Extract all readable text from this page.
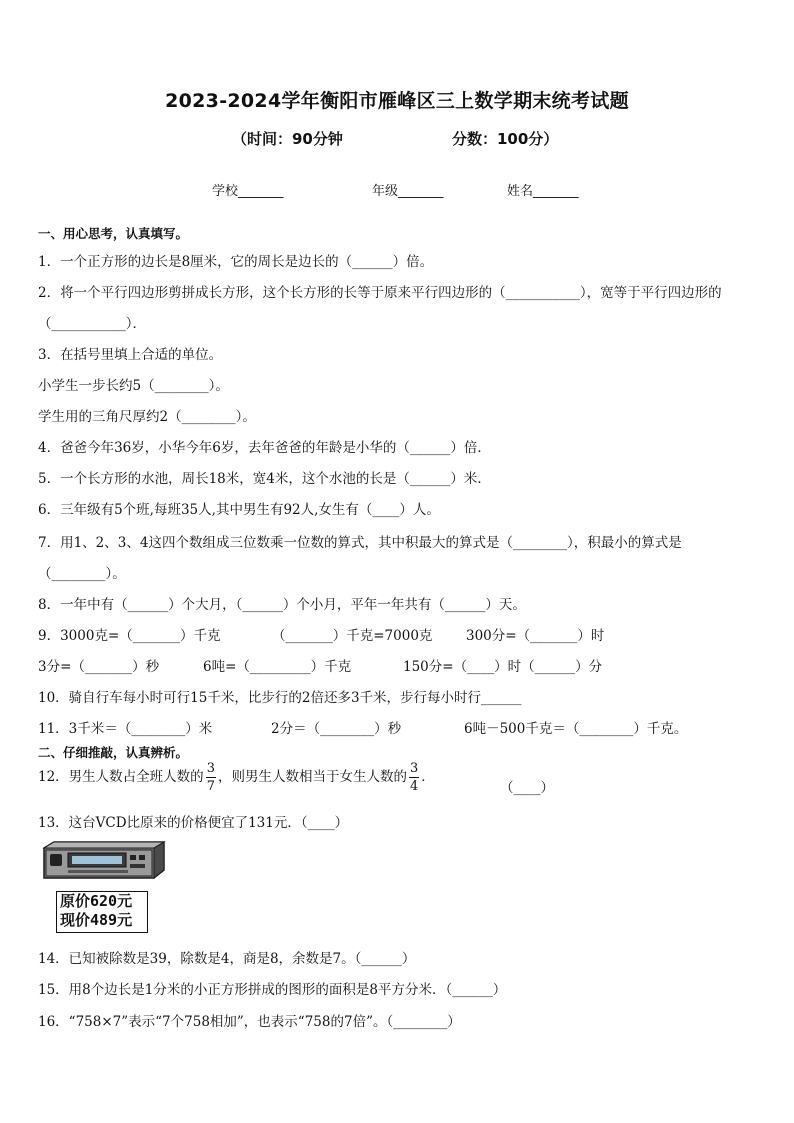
2023-2024学年衡阳市雁峰区三上数学期末统考试题
（时间：90分钟	分数：100分）
学校_______	年级_______	姓名_______
一、用心思考，认真填写。
1．一个正方形的边长是8厘米，它的周长是边长的（______）倍。
2．将一个平行四边形剪拼成长方形，这个长方形的长等于原来平行四边形的（___________），宽等于平行四边形的
（___________）．
3．在括号里填上合适的单位。
小学生一步长约5（________）。
学生用的三角尺厚约2（________）。
4．爸爸今年36岁，小华今年6岁，去年爸爸的年龄是小华的（______）倍．
5．一个长方形的水池，周长18米，宽4米，这个水池的长是（______）米．
6．三年级有5个班,每班35人,其中男生有92人,女生有（____）人。
7．用1、2、3、4这四个数组成三位数乘一位数的算式，其中积最大的算式是（________），积最小的算式是
（________）。
8．一年中有（______）个大月，（______）个小月，平年一年共有（______）天。
9．3000克=（_______）千克	（_______）千克=7000克 300分=（_______）时
3分=（_______）秒	6吨=（_________）千克	150分=（____）时（______）分
10．骑自行车每小时可行15千米，比步行的2倍还多3千米，步行每小时行______
11．3千米＝（________）米	2分＝（________）秒	6吨－500千克＝（________）千克。
二、仔细推敲，认真辨析。
12．男生人数占全班人数的 $\frac{3}{7}$ ，则男生人数相当于女生人数的 $\frac{3}{4}$ ．
（____）
13．这台VCD比原来的价格便宜了131元．（____）
原价620元
现价489元
14．已知被除数是39，除数是4，商是8，余数是7。（______）
15．用8个边长是1分米的小正方形拼成的图形的面积是8平方分米．（______）
16．“758×7”表示“7个758相加”，也表示“758的7倍”。（________）
